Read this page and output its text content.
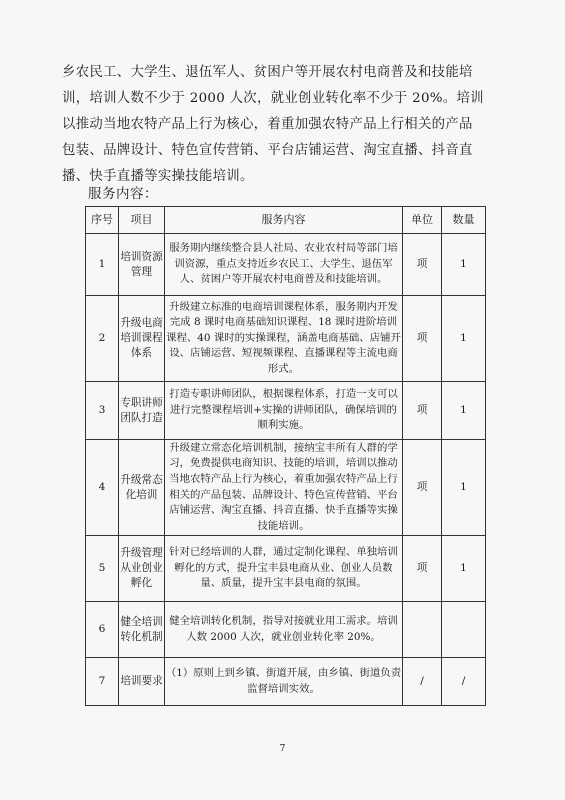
乡农民工、大学生、退伍军人、贫困户等开展农村电商普及和技能培
训，培训人数不少于 2000 人次，就业创业转化率不少于 20%。培训
以推动当地农特产品上行为核心，着重加强农特产品上行相关的产品
包装、品牌设计、特色宣传营销、平台店铺运营、淘宝直播、抖音直
播、快手直播等实操技能培训。
服务内容：
序号	项目	服务内容	单位	数量
1	培训资源管理	服务期内继续整合县人社局、农业农村局等部门培训资源，重点支持近乡农民工、大学生、退伍军人、贫困户等开展农村电商普及和技能培训。	项	1
2	升级电商培训课程体系	升级建立标准的电商培训课程体系，服务期内开发完成 8 课时电商基础知识课程、18 课时进阶培训课程、40 课时的实操课程，涵盖电商基础、店铺开设、店铺运营、短视频课程、直播课程等主流电商形式。	项	1
3	专职讲师团队打造	打造专职讲师团队，根据课程体系，打造一支可以进行完整课程培训+实操的讲师团队，确保培训的顺利实施。	项	1
4	升级常态化培训	升级建立常态化培训机制，接纳宝丰所有人群的学习，免费提供电商知识、技能的培训，培训以推动当地农特产品上行为核心，着重加强农特产品上行相关的产品包装、品牌设计、特色宣传营销、平台店铺运营、淘宝直播、抖音直播、快手直播等实操技能培训。	项	1
5	升级管理从业创业孵化	针对已经培训的人群，通过定制化课程、单独培训孵化的方式，提升宝丰县电商从业、创业人员数量、质量，提升宝丰县电商的氛围。	项	1
6	健全培训转化机制	健全培训转化机制，指导对接就业用工需求。培训人数 2000 人次，就业创业转化率 20%。		
7	培训要求	（1）原则上到乡镇、街道开展，由乡镇、街道负责监督培训实效。	/	/
7
